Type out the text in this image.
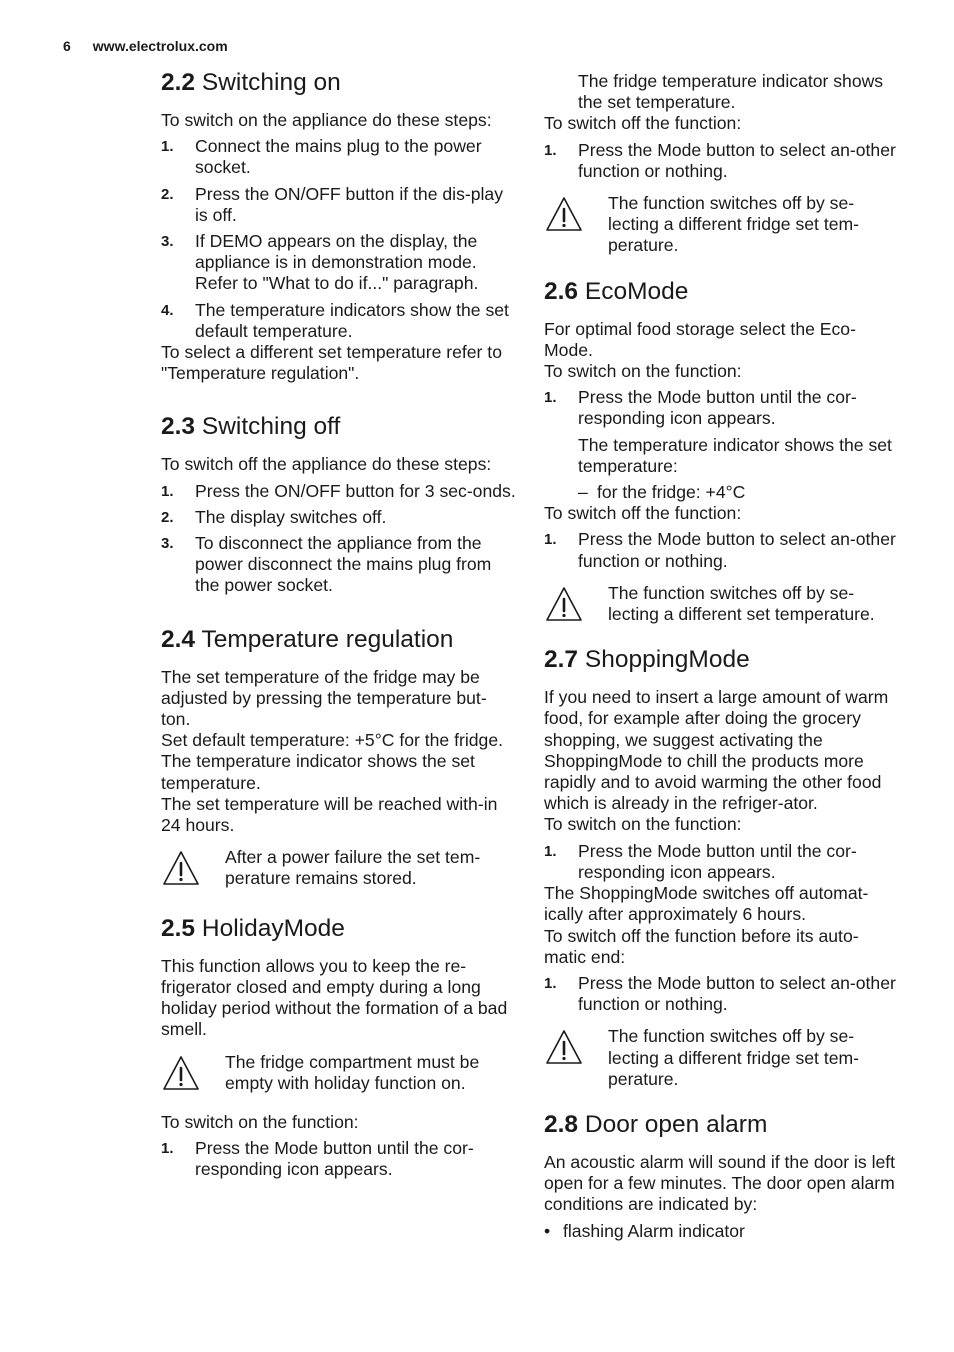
6 www.electrolux.com
2.2 Switching on

To switch on the appliance do these steps:

1.	Connect the mains plug to the power socket.
2.	Press the ON/OFF button if the dis-play is off.
3.	If DEMO appears on the display, the appliance is in demonstration mode. Refer to "What to do if..." paragraph.
4.	The temperature indicators show the set default temperature.

To select a different set temperature refer to "Temperature regulation".

2.3 Switching off

To switch off the appliance do these steps:

1.	Press the ON/OFF button for 3 sec-onds.
2.	The display switches off.
3.	To disconnect the appliance from the power disconnect the mains plug from the power socket.
2.4 Temperature regulation

The set temperature of the fridge may be adjusted by pressing the temperature but-ton.

Set default temperature: +5°C for the fridge.

The temperature indicator shows the set temperature.

The set temperature will be reached with-in 24 hours.

After a power failure the set tem-perature remains stored.

2.5 HolidayMode

This function allows you to keep the re-frigerator closed and empty during a long holiday period without the formation of a bad smell.

The fridge compartment must be empty with holiday function on.

To switch on the function:

1.	Press the Mode button until the cor-responding icon appears.

The fridge temperature indicator shows the set temperature.

To switch off the function:

1.	Press the Mode button to select an-other function or nothing.

The function switches off by se-lecting a different fridge set tem-perature.

2.6 EcoMode

For optimal food storage select the Eco-Mode.

To switch on the function:

1.	Press the Mode button until the cor-responding icon appears.

The temperature indicator shows the set temperature:

– for the fridge: +4°C

To switch off the function:

1.	Press the Mode button to select an-other function or nothing.

The function switches off by se-lecting a different set temperature.

2.7 ShoppingMode

If you need to insert a large amount of warm food, for example after doing the grocery shopping, we suggest activating the ShoppingMode to chill the products more rapidly and to avoid warming the other food which is already in the refriger-ator.

To switch on the function:

1.	Press the Mode button until the cor-responding icon appears.

The ShoppingMode switches off automat-ically after approximately 6 hours.

To switch off the function before its auto-matic end:

1.	Press the Mode button to select an-other function or nothing.

The function switches off by se-lecting a different fridge set tem-perature.

2.8 Door open alarm

An acoustic alarm will sound if the door is left open for a few minutes. The door open alarm conditions are indicated by:

• flashing Alarm indicator
